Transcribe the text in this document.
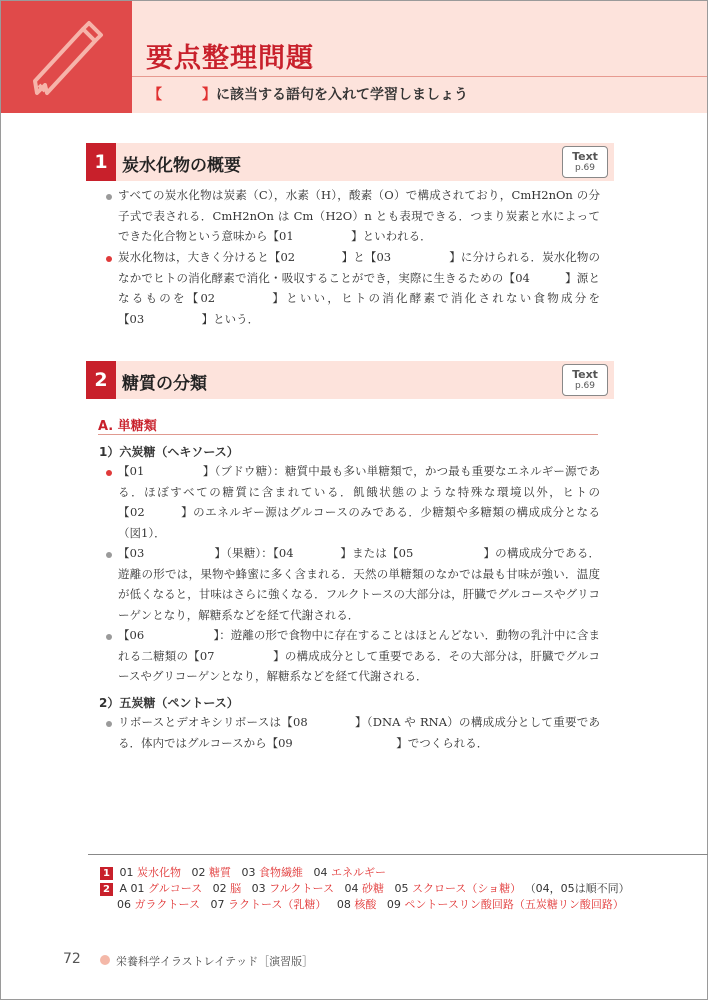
要点整理問題
【	】に該当する語句を入れて学習しましょう
1 炭水化物の概要	Text
p.69
すべての炭水化物は炭素（C），水素（H），酸素（O）で構成されており，CmH2nOn の分子式で表される．CmH2nOn は Cm（H2O）n とも表現できる．つまり炭素と水によってできた化合物という意味から【01　　　　　】といわれる．
炭水化物は，大きく分けると【02　　　　】と【03　　　　　】に分けられる．炭水化物のなかでヒトの消化酵素で消化・吸収することができ，実際に生きるための【04　　　】源となるものを【02　　　　】といい，ヒトの消化酵素で消化されない食物成分を【03　　　　　】という．
2 糖質の分類	Text
p.69
A. 単糖類
1）六炭糖（ヘキソース）
【01　　　　　】（ブドウ糖）：糖質中最も多い単糖類で，かつ最も重要なエネルギー源である．ほぼすべての糖質に含まれている．飢餓状態のような特殊な環境以外，ヒトの【02　　　】のエネルギー源はグルコースのみである．少糖類や多糖類の構成成分となる（図1）．
【03　　　　　　】（果糖）：【04　　　　】または【05　　　　　　】の構成成分である．遊離の形では，果物や蜂蜜に多く含まれる．天然の単糖類のなかでは最も甘味が強い．温度が低くなると，甘味はさらに強くなる．フルクトースの大部分は，肝臓でグルコースやグリコーゲンとなり，解糖系などを経て代謝される．
【06　　　　　　】：遊離の形で食物中に存在することはほとんどない．動物の乳汁中に含まれる二糖類の【07　　　　　】の構成成分として重要である．その大部分は，肝臓でグルコースやグリコーゲンとなり，解糖系などを経て代謝される．
2）五炭糖（ペントース）
リボースとデオキシリボースは【08　　　　】（DNA や RNA）の構成成分として重要である．体内ではグルコースから【09　　　　　　　　　】でつくられる．
1 01 炭水化物 02 糖質 03 食物繊維 04 エネルギー
2 A 01 グルコース 02 脳 03 フルクトース 04 砂糖 05 スクロース（ショ糖） （04，05は順不同）
06 ガラクトース 07 ラクトース（乳糖） 08 核酸 09 ペントースリン酸回路（五炭糖リン酸回路）
72	栄養科学イラストレイテッド［演習版］
